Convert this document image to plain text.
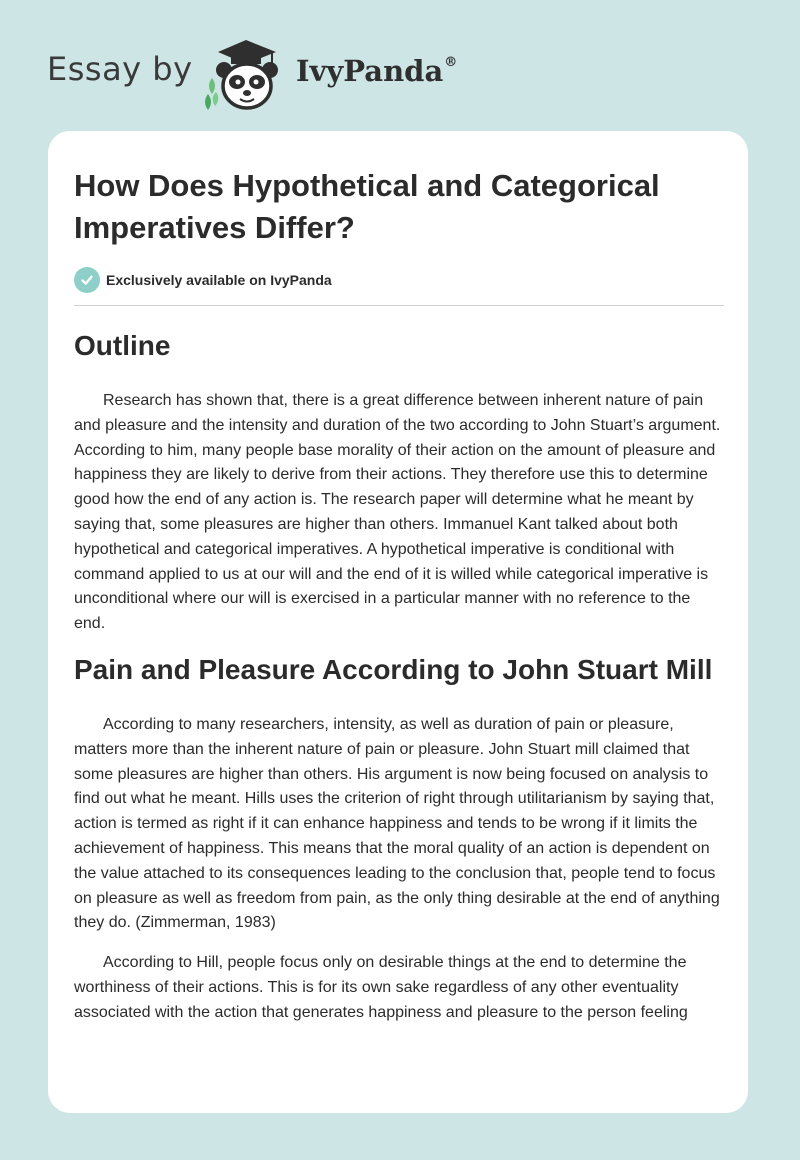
Essay by	IvyPanda®
How Does Hypothetical and Categorical Imperatives Differ?
Exclusively available on IvyPanda
Outline

Research has shown that, there is a great difference between inherent nature of pain and pleasure and the intensity and duration of the two according to John Stuart’s argument. According to him, many people base morality of their action on the amount of pleasure and happiness they are likely to derive from their actions. They therefore use this to determine good how the end of any action is. The research paper will determine what he meant by saying that, some pleasures are higher than others. Immanuel Kant talked about both hypothetical and categorical imperatives. A hypothetical imperative is conditional with command applied to us at our will and the end of it is willed while categorical imperative is unconditional where our will is exercised in a particular manner with no reference to the end.

Pain and Pleasure According to John Stuart Mill

According to many researchers, intensity, as well as duration of pain or pleasure, matters more than the inherent nature of pain or pleasure. John Stuart mill claimed that some pleasures are higher than others. His argument is now being focused on analysis to find out what he meant. Hills uses the criterion of right through utilitarianism by saying that, action is termed as right if it can enhance happiness and tends to be wrong if it limits the achievement of happiness. This means that the moral quality of an action is dependent on the value attached to its consequences leading to the conclusion that, people tend to focus on pleasure as well as freedom from pain, as the only thing desirable at the end of anything they do. (Zimmerman, 1983)

According to Hill, people focus only on desirable things at the end to determine the worthiness of their actions. This is for its own sake regardless of any other eventuality associated with the action that generates happiness and pleasure to the person feeling
